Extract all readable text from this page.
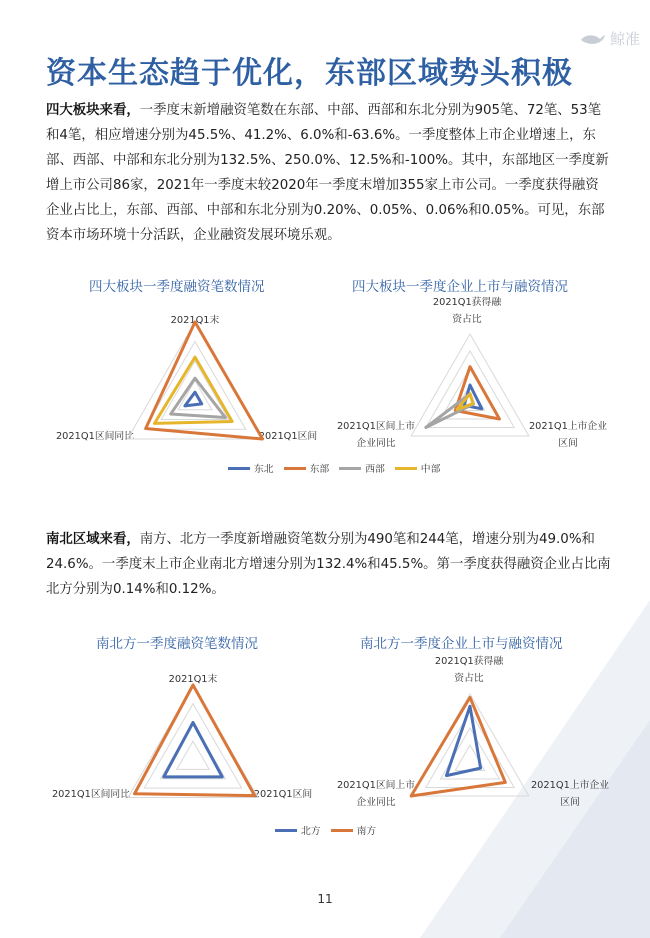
鲸准
资本生态趋于优化，东部区域势头积极
四大板块来看，一季度末新增融资笔数在东部、中部、西部和东北分别为905笔、72笔、53笔和4笔，相应增速分别为45.5%、41.2%、6.0%和-63.6%。一季度整体上市企业增速上，东部、西部、中部和东北分别为132.5%、250.0%、12.5%和-100%。其中，东部地区一季度新增上市公司86家，2021年一季度末较2020年一季度末增加355家上市公司。一季度获得融资企业占比上，东部、西部、中部和东北分别为0.20%、0.05%、0.06%和0.05%。可见，东部资本市场环境十分活跃，企业融资发展环境乐观。
南北区域来看，南方、北方一季度新增融资笔数分别为490笔和244笔，增速分别为49.0%和24.6%。一季度末上市企业南北方增速分别为132.4%和45.5%。第一季度获得融资企业占比南北方分别为0.14%和0.12%。
四大板块一季度融资笔数情况
2021Q1末
2021Q1区间
2021Q1区间同比
东北	东部	西部	中部
四大板块一季度企业上市与融资情况
2021Q1获得融资占比
2021Q1上市企业区间
2021Q1区间上市企业同比
南北方一季度融资笔数情况
2021Q1末
2021Q1区间
2021Q1区间同比
北方	南方
南北方一季度企业上市与融资情况
2021Q1获得融资占比
2021Q1上市企业区间
2021Q1区间上市企业同比
11
